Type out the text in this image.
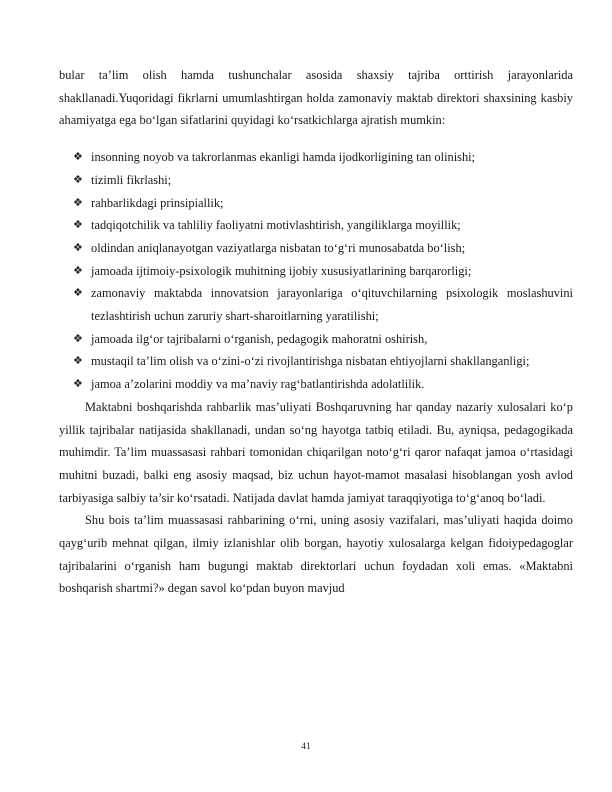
bular ta’lim olish hamda tushunchalar asosida shaxsiy tajriba orttirish jarayonlarida shakllanadi.Yuqoridagi fikrlarni umumlashtirgan holda zamonaviy maktab direktori shaxsining kasbiy ahamiyatga ega bo‘lgan sifatlarini quyidagi ko‘rsatkichlarga ajratish mumkin:

❖ insonning noyob va takrorlanmas ekanligi hamda ijodkorligining tan olinishi;
❖ tizimli fikrlashi;
❖ rahbarlikdagi prinsipiallik;
❖ tadqiqotchilik va tahliliy faoliyatni motivlashtirish, yangiliklarga moyillik;
❖ oldindan aniqlanayotgan vaziyatlarga nisbatan to‘g‘ri munosabatda bo‘lish;
❖ jamoada ijtimoiy-psixologik muhitning ijobiy xususiyatlarining barqarorligi;
❖ zamonaviy maktabda innovatsion jarayonlariga o‘qituvchilarning psixologik moslashuvini tezlashtirish uchun zaruriy shart-sharoitlarning yaratilishi;
❖ jamoada ilg‘or tajribalarni o‘rganish, pedagogik mahoratni oshirish,
❖ mustaqil ta’lim olish va o‘zini-o‘zi rivojlantirishga nisbatan ehtiyojlarni shakllanganligi;
❖ jamoa a’zolarini moddiy va ma’naviy rag‘batlantirishda adolatlilik.

Maktabni boshqarishda rahbarlik mas’uliyati Boshqaruvning har qanday nazariy xulosalari ko‘p yillik tajribalar natijasida shakllanadi, undan so‘ng hayotga tatbiq etiladi. Bu, ayniqsa, pedagogikada muhimdir. Ta’lim muassasasi rahbari tomonidan chiqarilgan noto‘g‘ri qaror nafaqat jamoa o‘rtasidagi muhitni buzadi, balki eng asosiy maqsad, biz uchun hayot-mamot masalasi hisoblangan yosh avlod tarbiyasiga salbiy ta’sir ko‘rsatadi. Natijada davlat hamda jamiyat taraqqiyotiga to‘g‘anoq bo‘ladi.

Shu bois ta’lim muassasasi rahbarining o‘rni, uning asosiy vazifalari, mas’uliyati haqida doimo qayg‘urib mehnat qilgan, ilmiy izlanishlar olib borgan, hayotiy xulosalarga kelgan fidoiypedagoglar tajribalarini o‘rganish ham bugungi maktab direktorlari uchun foydadan xoli emas. «Maktabni boshqarish shartmi?» degan savol ko‘pdan buyon mavjud

41
